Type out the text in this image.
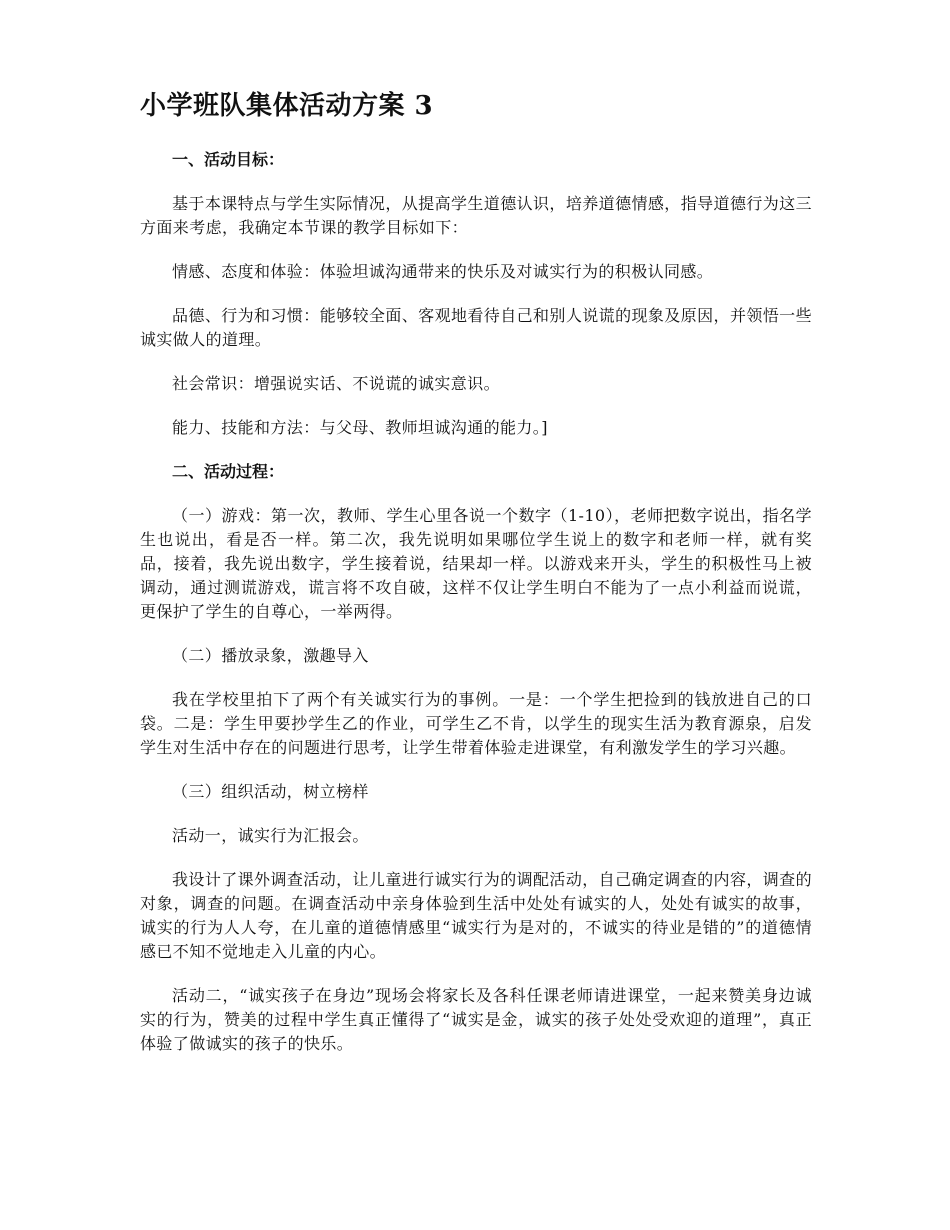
小学班队集体活动方案 3
一、活动目标：

基于本课特点与学生实际情况，从提高学生道德认识，培养道德情感，指导道德行为这三方面来考虑，我确定本节课的教学目标如下：

情感、态度和体验：体验坦诚沟通带来的快乐及对诚实行为的积极认同感。

品德、行为和习惯：能够较全面、客观地看待自己和别人说谎的现象及原因，并领悟一些诚实做人的道理。

社会常识：增强说实话、不说谎的诚实意识。

能力、技能和方法：与父母、教师坦诚沟通的能力。]

二、活动过程：

（一）游戏：第一次，教师、学生心里各说一个数字（1-10），老师把数字说出，指名学生也说出，看是否一样。第二次，我先说明如果哪位学生说上的数字和老师一样，就有奖品，接着，我先说出数字，学生接着说，结果却一样。以游戏来开头，学生的积极性马上被调动，通过测谎游戏，谎言将不攻自破，这样不仅让学生明白不能为了一点小利益而说谎，更保护了学生的自尊心，一举两得。

（二）播放录象，激趣导入

我在学校里拍下了两个有关诚实行为的事例。一是：一个学生把捡到的钱放进自己的口袋。二是：学生甲要抄学生乙的作业，可学生乙不肯，以学生的现实生活为教育源泉，启发学生对生活中存在的问题进行思考，让学生带着体验走进课堂，有利激发学生的学习兴趣。

（三）组织活动，树立榜样

活动一，诚实行为汇报会。

我设计了课外调查活动，让儿童进行诚实行为的调配活动，自己确定调查的内容，调查的对象，调查的问题。在调查活动中亲身体验到生活中处处有诚实的人，处处有诚实的故事，诚实的行为人人夸，在儿童的道德情感里“诚实行为是对的，不诚实的待业是错的”的道德情感已不知不觉地走入儿童的内心。

活动二，“诚实孩子在身边”现场会将家长及各科任课老师请进课堂，一起来赞美身边诚实的行为，赞美的过程中学生真正懂得了“诚实是金，诚实的孩子处处受欢迎的道理”，真正体验了做诚实的孩子的快乐。
